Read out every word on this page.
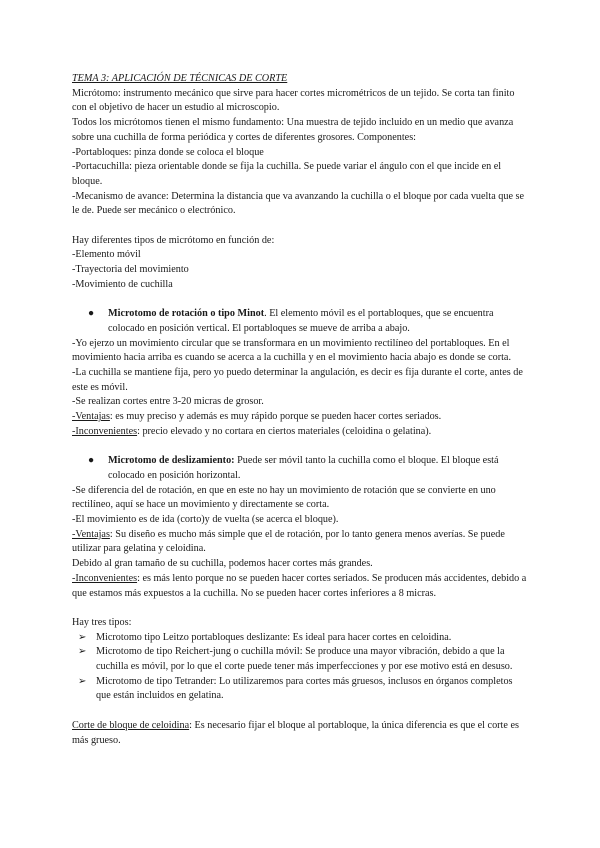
TEMA 3: APLICACIÓN DE TÉCNICAS DE CORTE

Micrótomo: instrumento mecánico que sirve para hacer cortes micrométricos de un tejido. Se corta tan finito con el objetivo de hacer un estudio al microscopio.

Todos los micrótomos tienen el mismo fundamento: Una muestra de tejido incluido en un medio que avanza sobre una cuchilla de forma periódica y cortes de diferentes grosores. Componentes:

-Portabloques: pinza donde se coloca el bloque

-Portacuchilla: pieza orientable donde se fija la cuchilla. Se puede variar el ángulo con el que incide en el bloque.

-Mecanismo de avance: Determina la distancia que va avanzando la cuchilla o el bloque por cada vuelta que se le de. Puede ser mecánico o electrónico.

Hay diferentes tipos de micrótomo en función de:

-Elemento móvil

-Trayectoria del movimiento

-Movimiento de cuchilla

● Microtomo de rotación o tipo Minot. El elemento móvil es el portabloques, que se encuentra colocado en posición vertical. El portabloques se mueve de arriba a abajo.

-Yo ejerzo un movimiento circular que se transformara en un movimiento rectilíneo del portabloques. En el movimiento hacia arriba es cuando se acerca a la cuchilla y en el movimiento hacia abajo es donde se corta.

-La cuchilla se mantiene fija, pero yo puedo determinar la angulación, es decir es fija durante el corte, antes de este es móvil.

-Se realizan cortes entre 3-20 micras de grosor.

-Ventajas: es muy preciso y además es muy rápido porque se pueden hacer cortes seriados.

-Inconvenientes: precio elevado y no cortara en ciertos materiales (celoidina o gelatina).

● Microtomo de deslizamiento: Puede ser móvil tanto la cuchilla como el bloque. El bloque está colocado en posición horizontal.

-Se diferencia del de rotación, en que en este no hay un movimiento de rotación que se convierte en uno rectilíneo, aquí se hace un movimiento y directamente se corta.

-El movimiento es de ida (corto)y de vuelta (se acerca el bloque).

-Ventajas: Su diseño es mucho más simple que el de rotación, por lo tanto genera menos averías. Se puede utilizar para gelatina y celoidina.

Debido al gran tamaño de su cuchilla, podemos hacer cortes más grandes.

-Inconvenientes: es más lento porque no se pueden hacer cortes seriados. Se producen más accidentes, debido a que estamos más expuestos a la cuchilla. No se pueden hacer cortes inferiores a 8 micras.

Hay tres tipos:

➢ Microtomo tipo Leitzo portabloques deslizante: Es ideal para hacer cortes en celoidina.

➢ Microtomo de tipo Reichert-jung o cuchilla móvil: Se produce una mayor vibración, debido a que la cuchilla es móvil, por lo que el corte puede tener más imperfecciones y por ese motivo está en desuso.

➢ Microtomo de tipo Tetrander: Lo utilizaremos para cortes más gruesos, inclusos en órganos completos que están incluidos en gelatina.

Corte de bloque de celoidina: Es necesario fijar el bloque al portabloque, la única diferencia es que el corte es más grueso.
